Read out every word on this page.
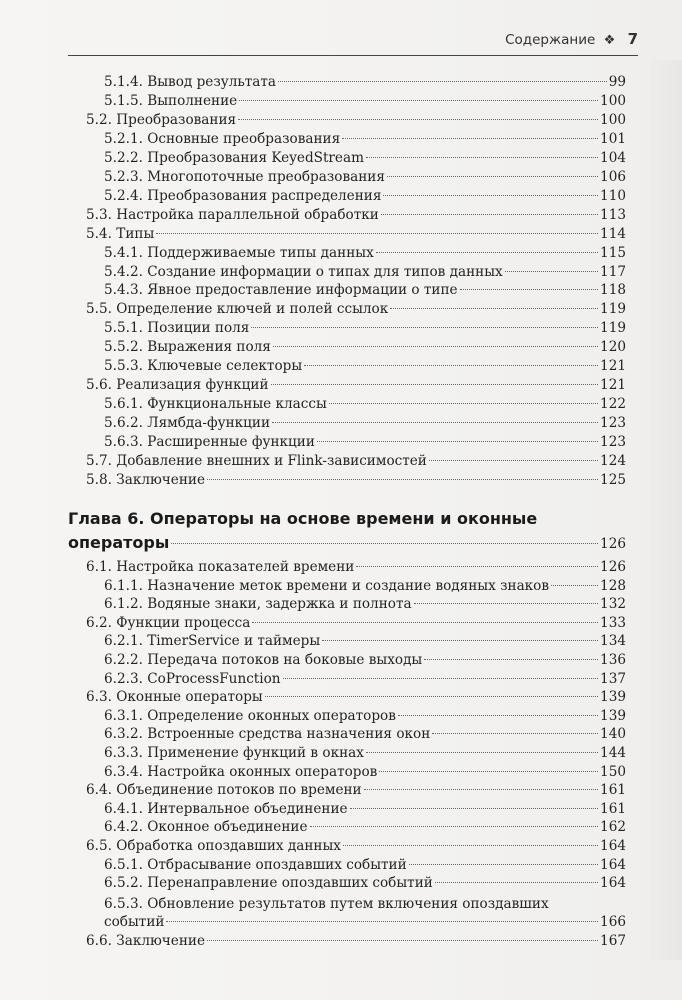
Содержание ❖ 7
5.1.4. Вывод результата	99
5.1.5. Выполнение	100
5.2. Преобразования	100
5.2.1. Основные преобразования	101
5.2.2. Преобразования KeyedStream	104
5.2.3. Многопоточные преобразования	106
5.2.4. Преобразования распределения	110
5.3. Настройка параллельной обработки	113
5.4. Типы	114
5.4.1. Поддерживаемые типы данных	115
5.4.2. Создание информации о типах для типов данных	117
5.4.3. Явное предоставление информации о типе	118
5.5. Определение ключей и полей ссылок	119
5.5.1. Позиции поля	119
5.5.2. Выражения поля	120
5.5.3. Ключевые селекторы	121
5.6. Реализация функций	121
5.6.1. Функциональные классы	122
5.6.2. Лямбда-функции	123
5.6.3. Расширенные функции	123
5.7. Добавление внешних и Flink-зависимостей	124
5.8. Заключение	125
Глава 6. Операторы на основе времени и оконные
операторы	126
6.1. Настройка показателей времени	126
6.1.1. Назначение меток времени и создание водяных знаков	128
6.1.2. Водяные знаки, задержка и полнота	132
6.2. Функции процесса	133
6.2.1. TimerService и таймеры	134
6.2.2. Передача потоков на боковые выходы	136
6.2.3. CoProcessFunction	137
6.3. Оконные операторы	139
6.3.1. Определение оконных операторов	139
6.3.2. Встроенные средства назначения окон	140
6.3.3. Применение функций в окнах	144
6.3.4. Настройка оконных операторов	150
6.4. Объединение потоков по времени	161
6.4.1. Интервальное объединение	161
6.4.2. Оконное объединение	162
6.5. Обработка опоздавших данных	164
6.5.1. Отбрасывание опоздавших событий	164
6.5.2. Перенаправление опоздавших событий	164
6.5.3. Обновление результатов путем включения опоздавших
событий	166
6.6. Заключение	167
